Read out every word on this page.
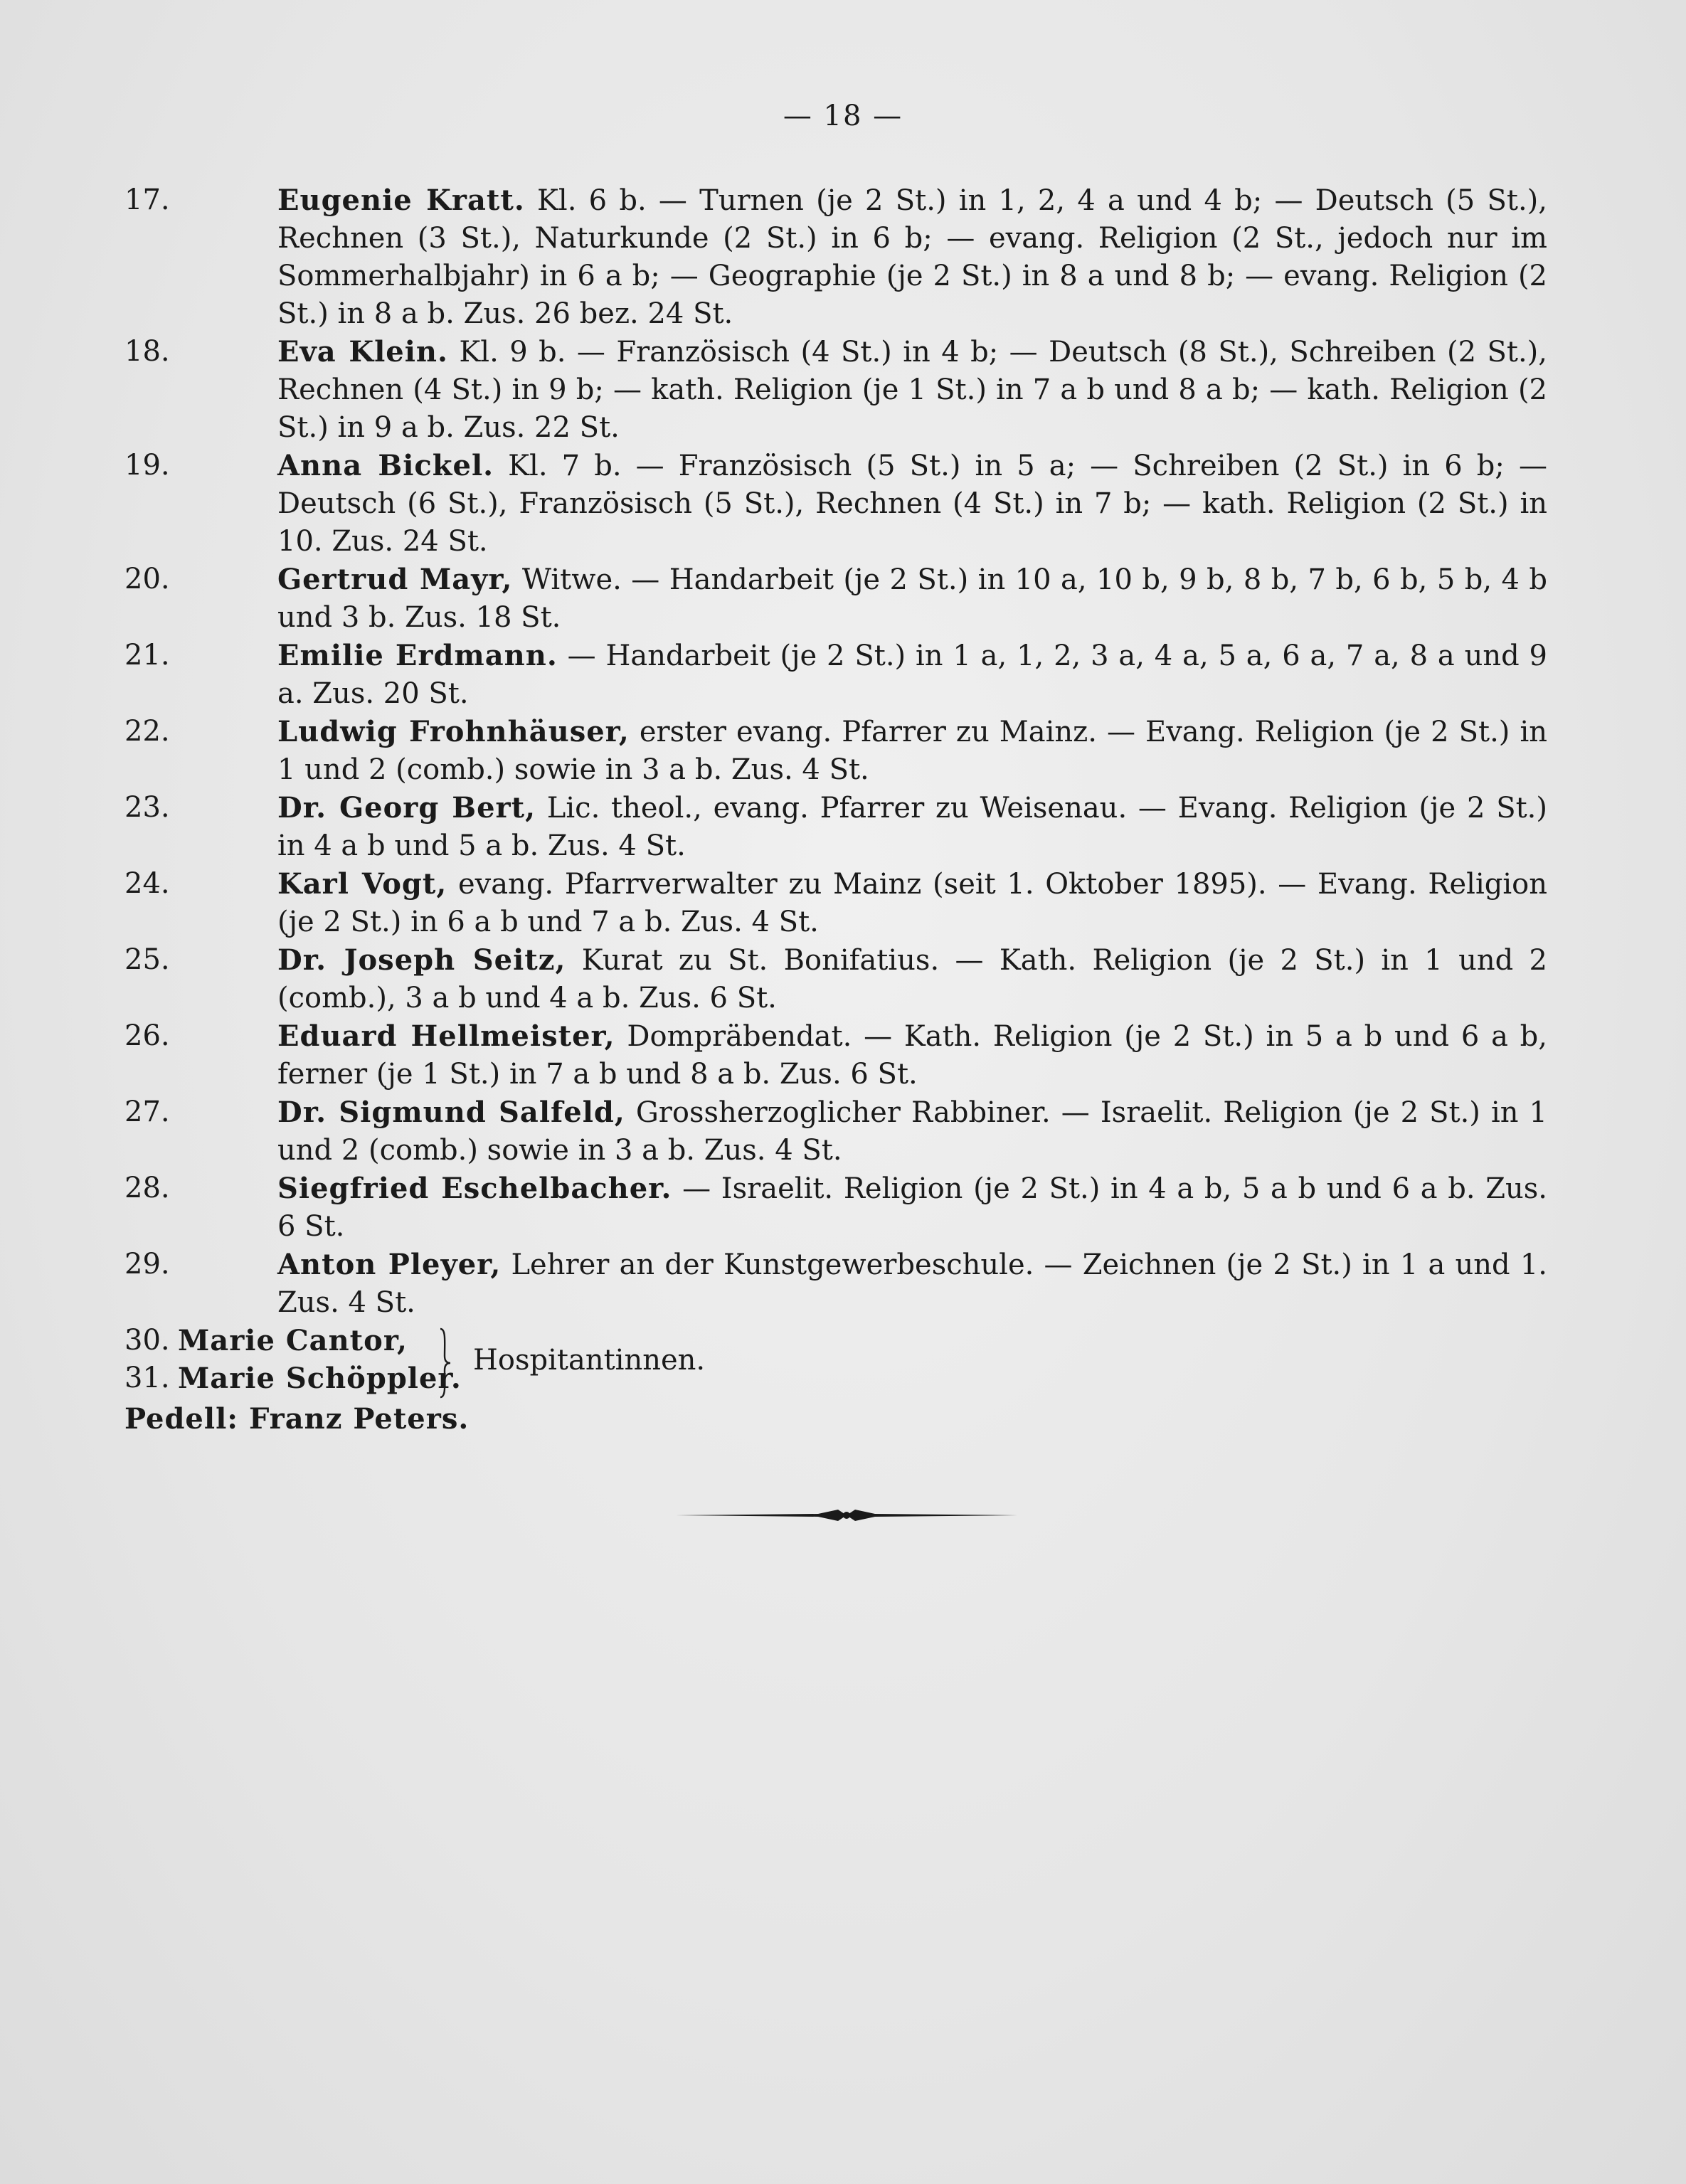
— 18 —
17.	Eugenie Kratt. Kl. 6 b. — Turnen (je 2 St.) in 1, 2, 4 a und 4 b; — Deutsch (5 St.), Rechnen (3 St.), Naturkunde (2 St.) in 6 b; — evang. Religion (2 St., jedoch nur im Sommerhalbjahr) in 6 a b; — Geographie (je 2 St.) in 8 a und 8 b; — evang. Religion (2 St.) in 8 a b. Zus. 26 bez. 24 St.
18.	Eva Klein. Kl. 9 b. — Französisch (4 St.) in 4 b; — Deutsch (8 St.), Schreiben (2 St.), Rechnen (4 St.) in 9 b; — kath. Religion (je 1 St.) in 7 a b und 8 a b; — kath. Religion (2 St.) in 9 a b. Zus. 22 St.
19.	Anna Bickel. Kl. 7 b. — Französisch (5 St.) in 5 a; — Schreiben (2 St.) in 6 b; — Deutsch (6 St.), Französisch (5 St.), Rechnen (4 St.) in 7 b; — kath. Religion (2 St.) in 10. Zus. 24 St.
20.	Gertrud Mayr, Witwe. — Handarbeit (je 2 St.) in 10 a, 10 b, 9 b, 8 b, 7 b, 6 b, 5 b, 4 b und 3 b. Zus. 18 St.
21.	Emilie Erdmann. — Handarbeit (je 2 St.) in 1 a, 1, 2, 3 a, 4 a, 5 a, 6 a, 7 a, 8 a und 9 a. Zus. 20 St.
22.	Ludwig Frohnhäuser, erster evang. Pfarrer zu Mainz. — Evang. Religion (je 2 St.) in 1 und 2 (comb.) sowie in 3 a b. Zus. 4 St.
23.	Dr. Georg Bert, Lic. theol., evang. Pfarrer zu Weisenau. — Evang. Religion (je 2 St.) in 4 a b und 5 a b. Zus. 4 St.
24.	Karl Vogt, evang. Pfarrverwalter zu Mainz (seit 1. Oktober 1895). — Evang. Religion (je 2 St.) in 6 a b und 7 a b. Zus. 4 St.
25.	Dr. Joseph Seitz, Kurat zu St. Bonifatius. — Kath. Religion (je 2 St.) in 1 und 2 (comb.), 3 a b und 4 a b. Zus. 6 St.
26.	Eduard Hellmeister, Dompräbendat. — Kath. Religion (je 2 St.) in 5 a b und 6 a b, ferner (je 1 St.) in 7 a b und 8 a b. Zus. 6 St.
27.	Dr. Sigmund Salfeld, Grossherzoglicher Rabbiner. — Israelit. Religion (je 2 St.) in 1 und 2 (comb.) sowie in 3 a b. Zus. 4 St.
28.	Siegfried Eschelbacher. — Israelit. Religion (je 2 St.) in 4 a b, 5 a b und 6 a b. Zus. 6 St.
29.	Anton Pleyer, Lehrer an der Kunstgewerbeschule. — Zeichnen (je 2 St.) in 1 a und 1. Zus. 4 St.
30. Marie Cantor,
31. Marie Schöppler.
Hospitantinnen.
Pedell: Franz Peters.
